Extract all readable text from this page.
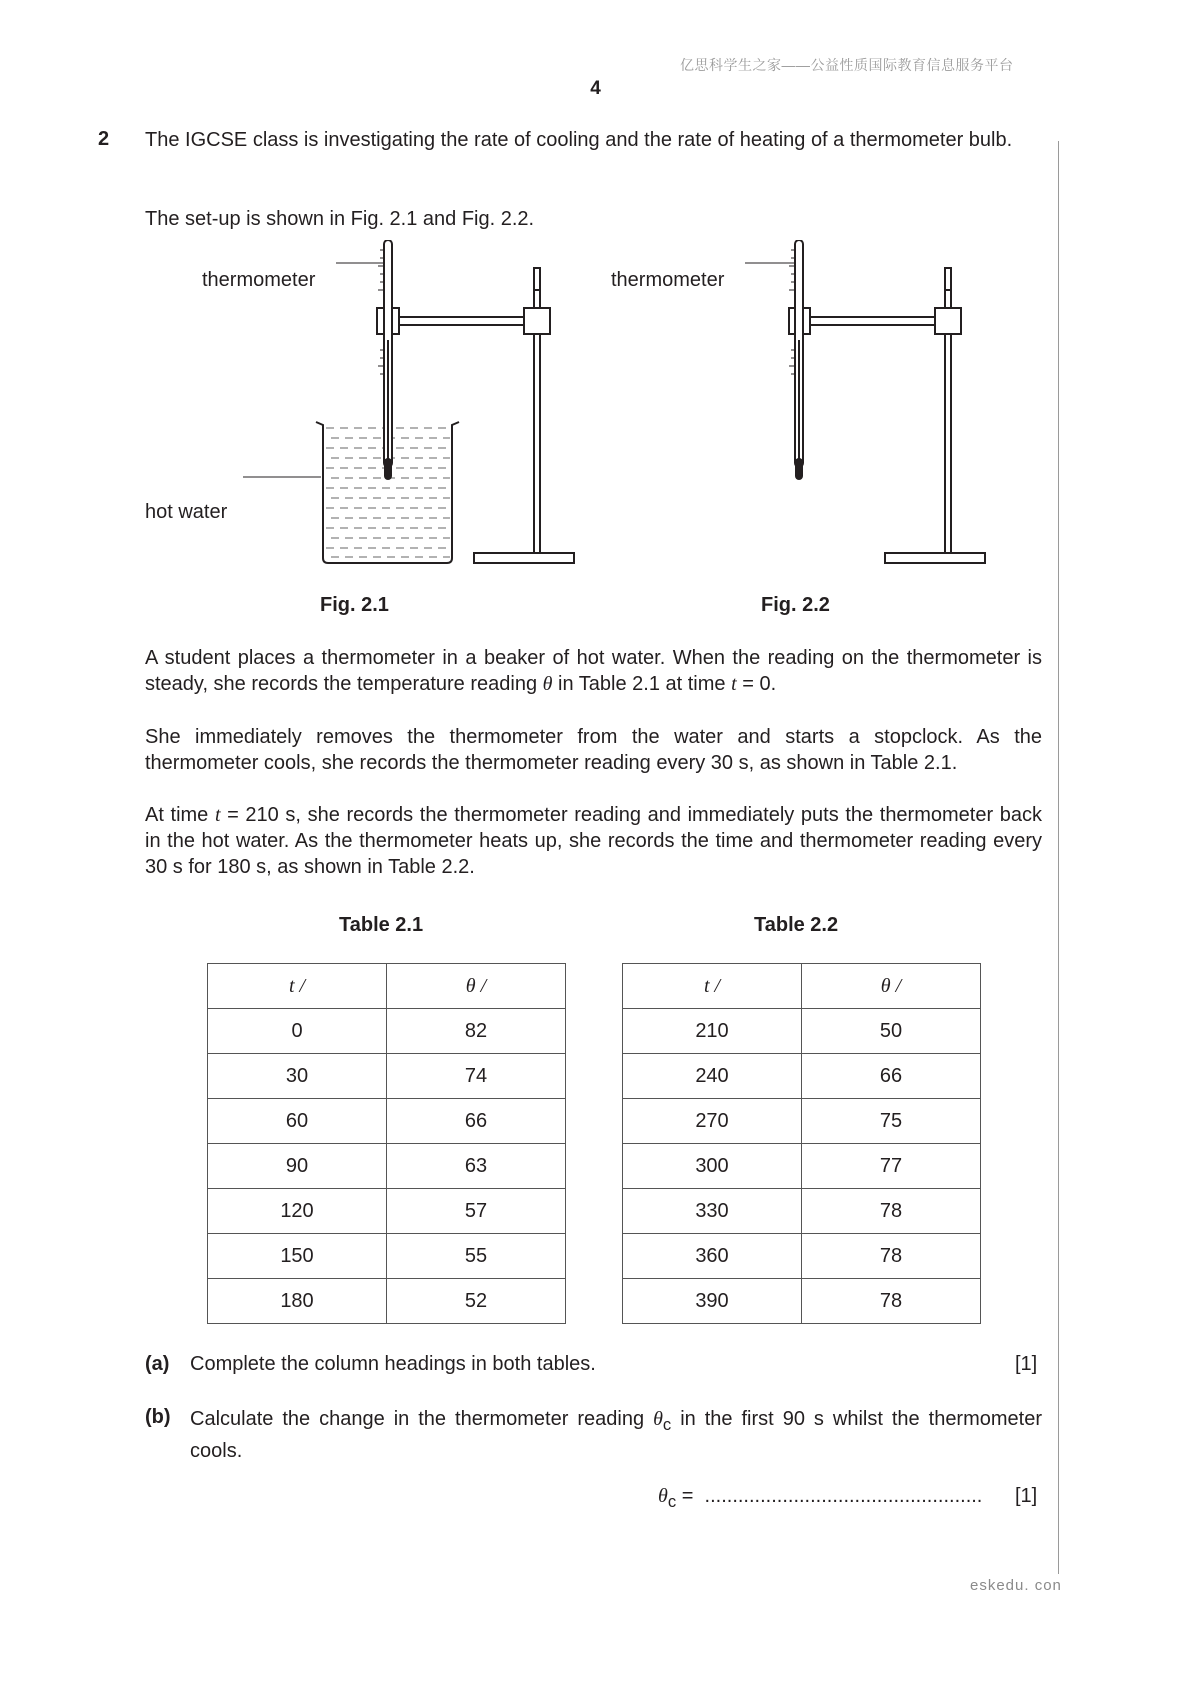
亿思科学生之家——公益性质国际教育信息服务平台
4
2 The IGCSE class is investigating the rate of cooling and the rate of heating of a thermometer bulb.
The set-up is shown in Fig. 2.1 and Fig. 2.2.
thermometer
hot water
thermometer
Fig. 2.1	Fig. 2.2
A student places a thermometer in a beaker of hot water. When the reading on the thermometer is steady, she records the temperature reading θ in Table 2.1 at time t = 0.
She immediately removes the thermometer from the water and starts a stopclock. As the thermometer cools, she records the thermometer reading every 30 s, as shown in Table 2.1.
At time t = 210 s, she records the thermometer reading and immediately puts the thermometer back in the hot water. As the thermometer heats up, she records the time and thermometer reading every 30 s for 180 s, as shown in Table 2.2.
Table 2.1	Table 2.2
t /	θ /
0	82
30	74
60	66
90	63
120	57
150	55
180	52
t /	θ /
210	50
240	66
270	75
300	77
330	78
360	78
390	78
(a) Complete the column headings in both tables.	[1]
(b) Calculate the change in the thermometer reading $\theta_c$ in the first 90 s whilst the thermometer cools.
$\theta_c$ = .................................................. [1]
eskedu. con
